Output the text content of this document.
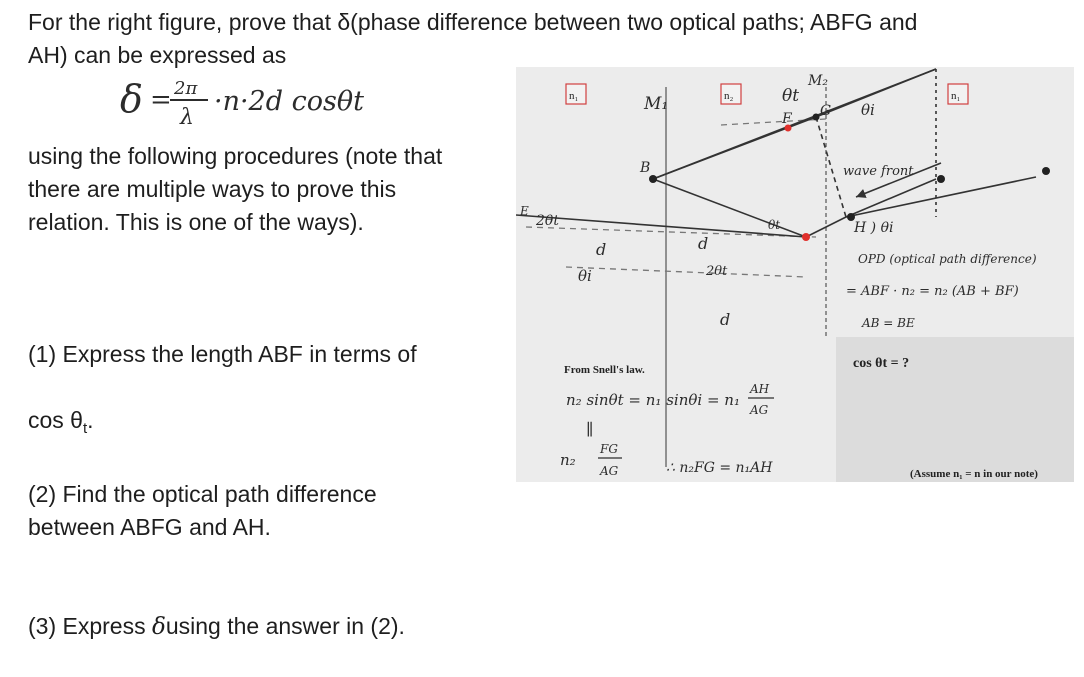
For the right figure, prove that δ(phase difference between two optical paths; ABFG and
AH) can be expressed as

δ = 2π
λ
·n·2d cosθt

using the following procedures (note that
there are multiple ways to prove this
relation. This is one of the ways).

(1) Express the length ABF in terms of

$\cos \theta_t$.

(2) Find the optical path difference
between ABFG and AH.

(3) Express δusing the answer in (2).

n₁	n₂	n₁
M₁
M₂
θt
θi
G
F
B
E
2θt
d	d
θt
2θt
θi
d
wave front
H ) θi
OPD (optical path difference)
= ABF · n₂ = n₂ (AB + BF)
AB = BE
cos θt = ?
From Snell's law.
n₂ sinθt = n₁ sinθi = n₁
AH
AG
∥
n₂
FG
AG	∴ n₂FG = n₁AH	(Assume n₁ = n in our note)
